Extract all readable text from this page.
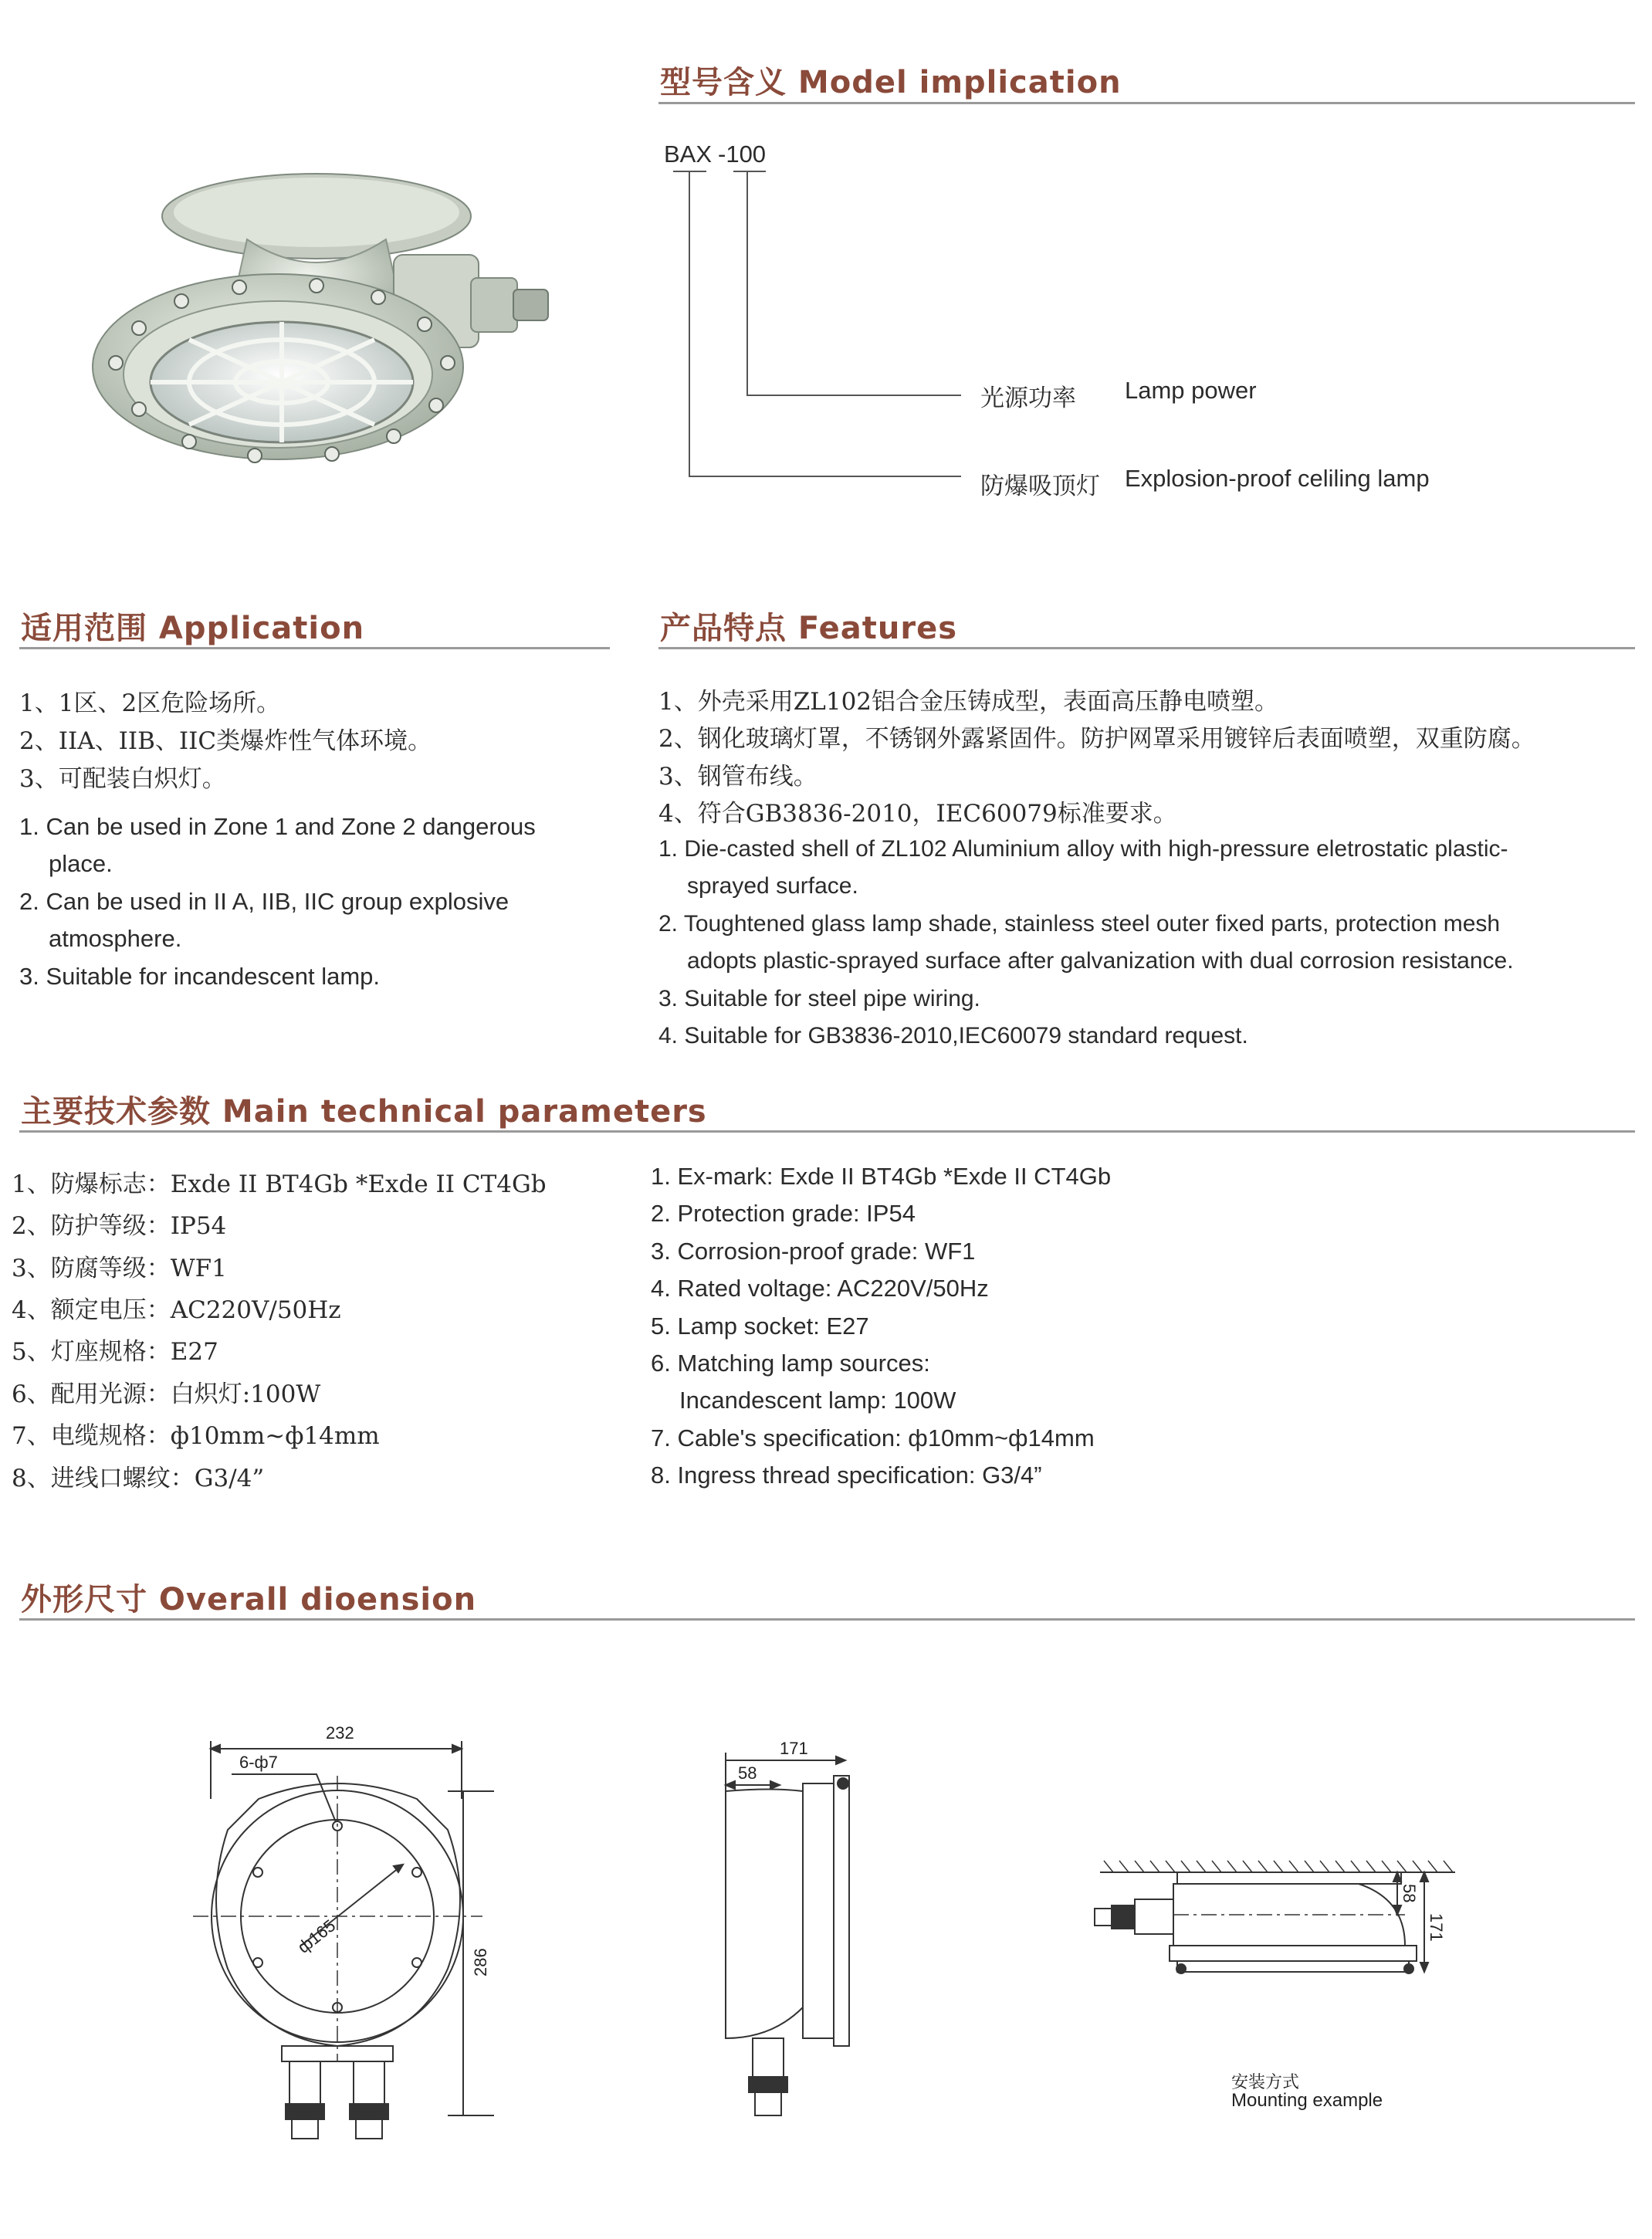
型号含义 Model implication
BAX -100
光源功率 Lamp power
防爆吸顶灯 Explosion-proof celiling lamp
适用范围 Application
1、1区、2区危险场所。
2、IIA、IIB、IIC类爆炸性气体环境。
3、可配装白炽灯。
1. Can be used in Zone 1 and Zone 2 dangerous
place.
2. Can be used in II A, IIB, IIC group explosive
atmosphere.
3. Suitable for incandescent lamp.
产品特点 Features
1、外壳采用ZL102铝合金压铸成型，表面高压静电喷塑。
2、钢化玻璃灯罩，不锈钢外露紧固件。防护网罩采用镀锌后表面喷塑，双重防腐。
3、钢管布线。
4、符合GB3836-2010，IEC60079标准要求。
1. Die-casted shell of ZL102 Aluminium alloy with high-pressure eletrostatic plastic-
sprayed surface.
2. Toughtened glass lamp shade, stainless steel outer fixed parts, protection mesh
adopts plastic-sprayed surface after galvanization with dual corrosion resistance.
3. Suitable for steel pipe wiring.
4. Suitable for GB3836-2010,IEC60079 standard request.
主要技术参数 Main technical parameters
1、防爆标志：Exde II BT4Gb *Exde II CT4Gb
2、防护等级：IP54
3、防腐等级：WF1
4、额定电压：AC220V/50Hz
5、灯座规格：E27
6、配用光源：白炽灯:100W
7、电缆规格：ф10mm~ф14mm
8、进线口螺纹：G3/4”
1. Ex-mark: Exde II BT4Gb *Exde II CT4Gb
2. Protection grade: IP54
3. Corrosion-proof grade: WF1
4. Rated voltage: AC220V/50Hz
5. Lamp socket: E27
6. Matching lamp sources:
Incandescent lamp: 100W
7. Cable's specification: ф10mm~ф14mm
8. Ingress thread specification: G3/4”
外形尺寸 Overall dioension
232
6-ф7
ф165
286
171
58
58
171
安装方式
Mounting example
